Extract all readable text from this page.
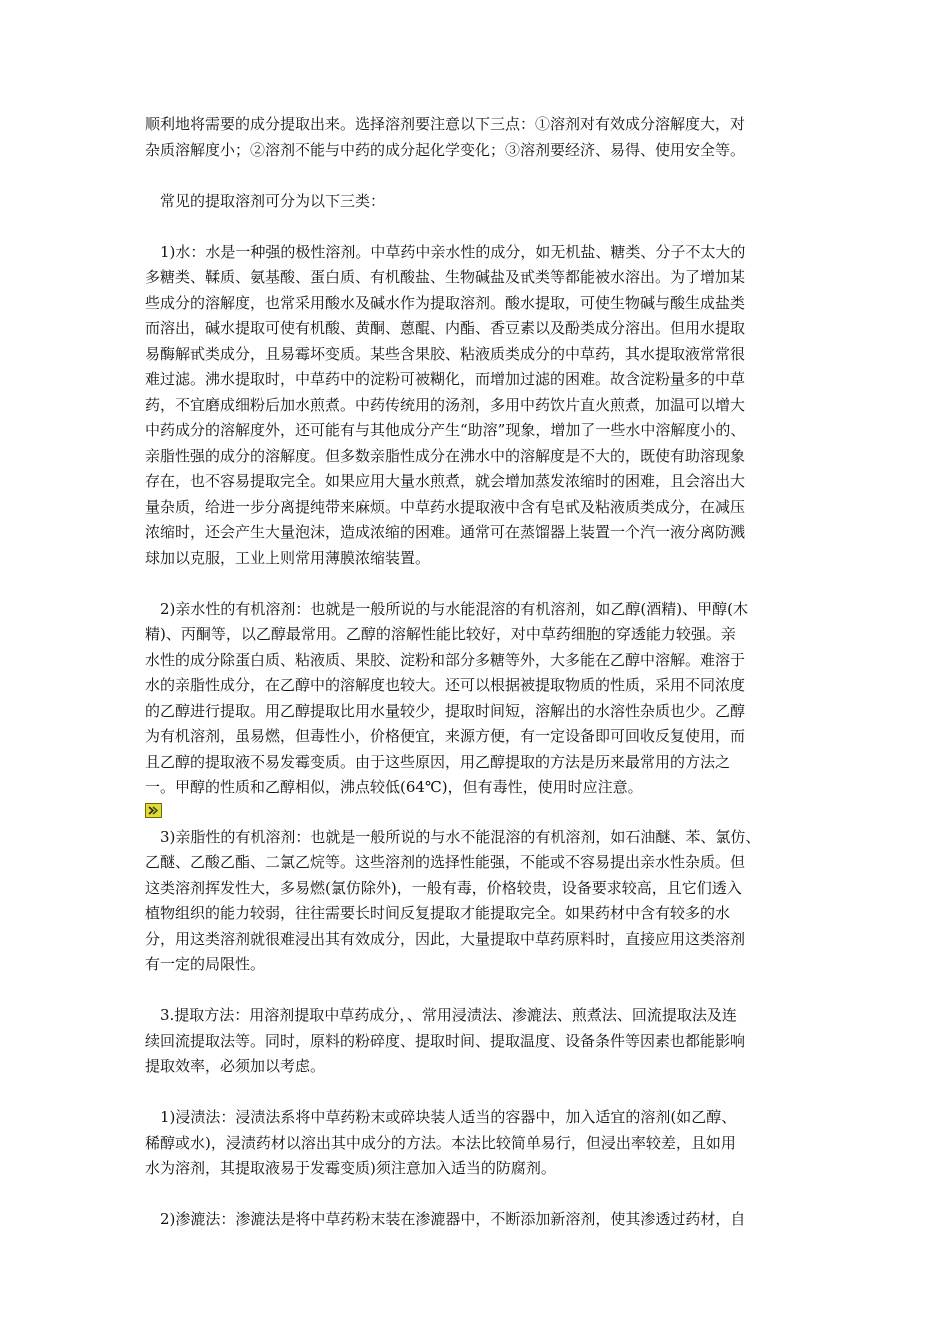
顺利地将需要的成分提取出来。选择溶剂要注意以下三点：①溶剂对有效成分溶解度大，对
杂质溶解度小；②溶剂不能与中药的成分起化学变化；③溶剂要经济、易得、使用安全等。

　常见的提取溶剂可分为以下三类：

　1)水：水是一种强的极性溶剂。中草药中亲水性的成分，如无机盐、糖类、分子不太大的
多糖类、鞣质、氨基酸、蛋白质、有机酸盐、生物碱盐及甙类等都能被水溶出。为了增加某
些成分的溶解度，也常采用酸水及碱水作为提取溶剂。酸水提取，可使生物碱与酸生成盐类
而溶出，碱水提取可使有机酸、黄酮、蒽醌、内酯、香豆素以及酚类成分溶出。但用水提取
易酶解甙类成分，且易霉坏变质。某些含果胶、粘液质类成分的中草药，其水提取液常常很
难过滤。沸水提取时，中草药中的淀粉可被糊化，而增加过滤的困难。故含淀粉量多的中草
药，不宜磨成细粉后加水煎煮。中药传统用的汤剂，多用中药饮片直火煎煮，加温可以增大
中药成分的溶解度外，还可能有与其他成分产生“助溶”现象，增加了一些水中溶解度小的、
亲脂性强的成分的溶解度。但多数亲脂性成分在沸水中的溶解度是不大的，既使有助溶现象
存在，也不容易提取完全。如果应用大量水煎煮，就会增加蒸发浓缩时的困难，且会溶出大
量杂质，给进一步分离提纯带来麻烦。中草药水提取液中含有皂甙及粘液质类成分，在减压
浓缩时，还会产生大量泡沫，造成浓缩的困难。通常可在蒸馏器上装置一个汽一液分离防溅
球加以克服，工业上则常用薄膜浓缩装置。

　2)亲水性的有机溶剂：也就是一般所说的与水能混溶的有机溶剂，如乙醇(酒精)、甲醇(木
精)、丙酮等，以乙醇最常用。乙醇的溶解性能比较好，对中草药细胞的穿透能力较强。亲
水性的成分除蛋白质、粘液质、果胶、淀粉和部分多糖等外，大多能在乙醇中溶解。难溶于
水的亲脂性成分，在乙醇中的溶解度也较大。还可以根据被提取物质的性质，采用不同浓度
的乙醇进行提取。用乙醇提取比用水量较少，提取时间短，溶解出的水溶性杂质也少。乙醇
为有机溶剂，虽易燃，但毒性小，价格便宜，来源方便，有一定设备即可回收反复使用，而
且乙醇的提取液不易发霉变质。由于这些原因，用乙醇提取的方法是历来最常用的方法之
一。甲醇的性质和乙醇相似，沸点较低(64℃)，但有毒性，使用时应注意。

　3)亲脂性的有机溶剂：也就是一般所说的与水不能混溶的有机溶剂，如石油醚、苯、氯仿、
乙醚、乙酸乙酯、二氯乙烷等。这些溶剂的选择性能强，不能或不容易提出亲水性杂质。但
这类溶剂挥发性大，多易燃(氯仿除外)，一般有毒，价格较贵，设备要求较高，且它们透入
植物组织的能力较弱，往往需要长时间反复提取才能提取完全。如果药材中含有较多的水
分，用这类溶剂就很难浸出其有效成分，因此，大量提取中草药原料时，直接应用这类溶剂
有一定的局限性。

　3.提取方法：用溶剂提取中草药成分，、常用浸渍法、渗漉法、煎煮法、回流提取法及连
续回流提取法等。同时，原料的粉碎度、提取时间、提取温度、设备条件等因素也都能影响
提取效率，必须加以考虑。

　1)浸渍法：浸渍法系将中草药粉末或碎块装人适当的容器中，加入适宜的溶剂(如乙醇、
稀醇或水)，浸渍药材以溶出其中成分的方法。本法比较简单易行，但浸出率较差，且如用
水为溶剂，其提取液易于发霉变质)须注意加入适当的防腐剂。

　2)渗漉法：渗漉法是将中草药粉末装在渗漉器中，不断添加新溶剂，使其渗透过药材，自
